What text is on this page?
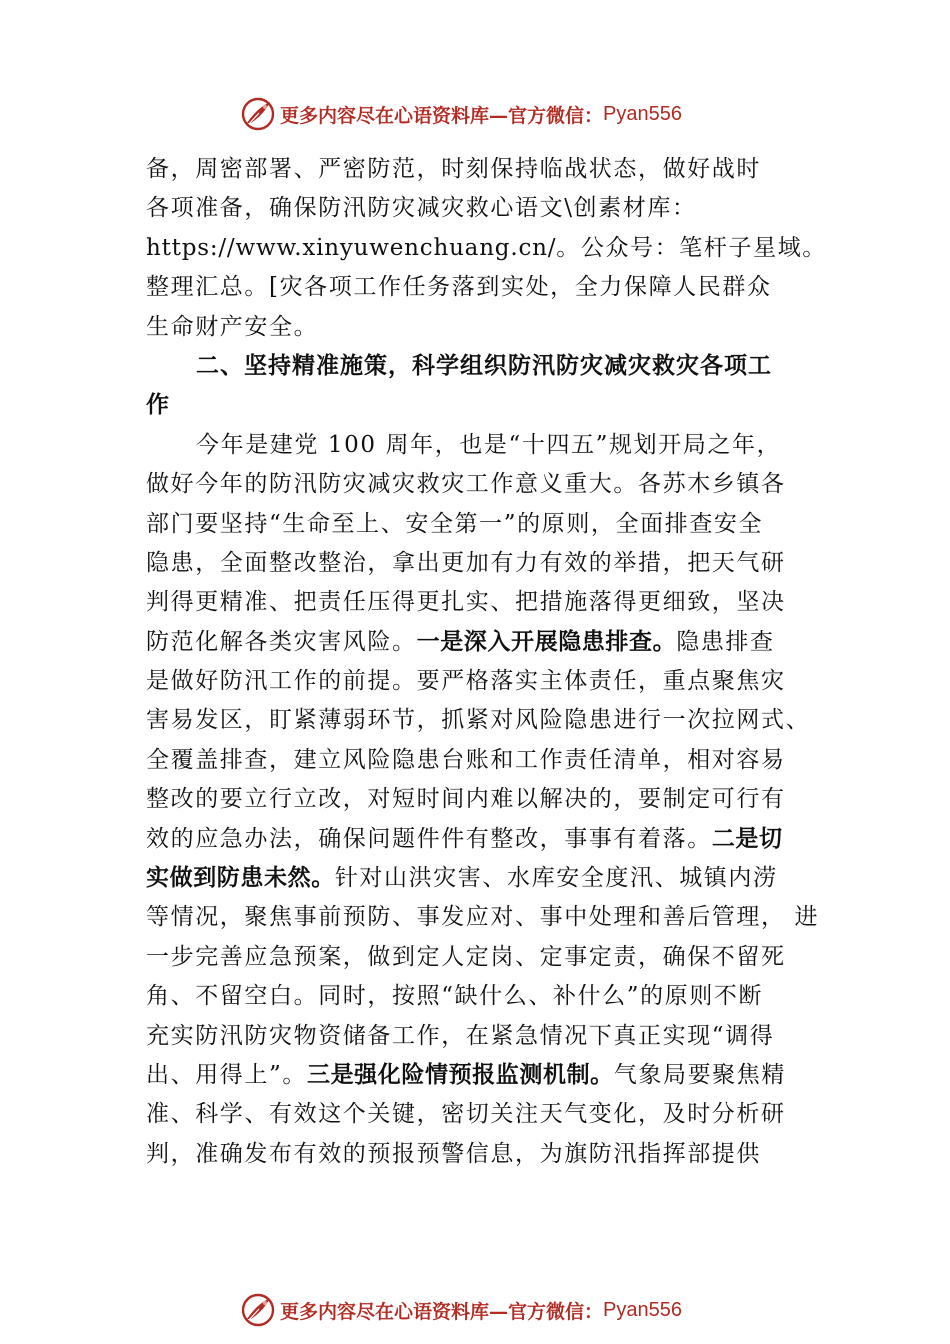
更多内容尽在心语资料库—官方微信： Pyan556
备，周密部署、严密防范，时刻保持临战状态，做好战时
各项准备，确保防汛防灾减灾救心语文\创素材库：
https://www.xinyuwenchuang.cn/。公众号：笔杆子星域。
整理汇总。[灾各项工作任务落到实处，全力保障人民群众
生命财产安全。
二、坚持精准施策，科学组织防汛防灾减灾救灾各项工
作
今年是建党 100 周年，也是“十四五”规划开局之年，
做好今年的防汛防灾减灾救灾工作意义重大。各苏木乡镇各
部门要坚持“生命至上、安全第一”的原则，全面排查安全
隐患，全面整改整治，拿出更加有力有效的举措，把天气研
判得更精准、把责任压得更扎实、把措施落得更细致，坚决
防范化解各类灾害风险。一是深入开展隐患排查。隐患排查
是做好防汛工作的前提。要严格落实主体责任，重点聚焦灾
害易发区，盯紧薄弱环节，抓紧对风险隐患进行一次拉网式、
全覆盖排查，建立风险隐患台账和工作责任清单，相对容易
整改的要立行立改，对短时间内难以解决的，要制定可行有
效的应急办法，确保问题件件有整改，事事有着落。二是切
实做到防患未然。针对山洪灾害、水库安全度汛、城镇内涝
等情况，聚焦事前预防、事发应对、事中处理和善后管理， 进
一步完善应急预案，做到定人定岗、定事定责，确保不留死
角、不留空白。同时，按照“缺什么、补什么”的原则不断
充实防汛防灾物资储备工作，在紧急情况下真正实现“调得
出、用得上”。三是强化险情预报监测机制。气象局要聚焦精
准、科学、有效这个关键，密切关注天气变化，及时分析研
判，准确发布有效的预报预警信息，为旗防汛指挥部提供
更多内容尽在心语资料库—官方微信： Pyan556
